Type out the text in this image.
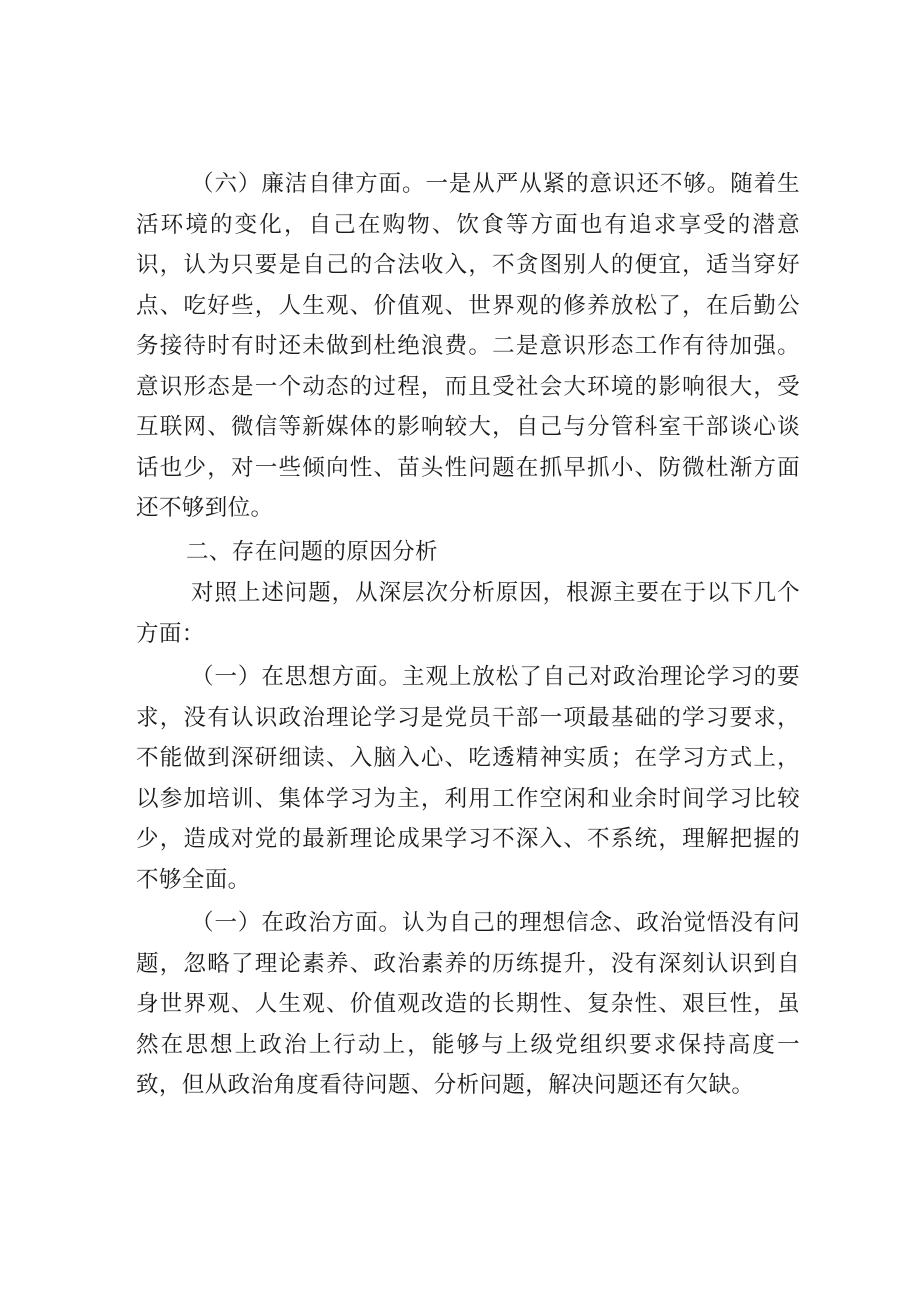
（六）廉洁自律方面。一是从严从紧的意识还不够。随着生活环境的变化，自己在购物、饮食等方面也有追求享受的潜意识，认为只要是自己的合法收入，不贪图别人的便宜，适当穿好点、吃好些，人生观、价值观、世界观的修养放松了，在后勤公务接待时有时还未做到杜绝浪费。二是意识形态工作有待加强。意识形态是一个动态的过程，而且受社会大环境的影响很大，受互联网、微信等新媒体的影响较大，自己与分管科室干部谈心谈话也少，对一些倾向性、苗头性问题在抓早抓小、防微杜渐方面还不够到位。

二、存在问题的原因分析

对照上述问题，从深层次分析原因，根源主要在于以下几个方面：

（一）在思想方面。主观上放松了自己对政治理论学习的要求，没有认识政治理论学习是党员干部一项最基础的学习要求，不能做到深研细读、入脑入心、吃透精神实质；在学习方式上，以参加培训、集体学习为主，利用工作空闲和业余时间学习比较少，造成对党的最新理论成果学习不深入、不系统，理解把握的不够全面。

（一）在政治方面。认为自己的理想信念、政治觉悟没有问题，忽略了理论素养、政治素养的历练提升，没有深刻认识到自身世界观、人生观、价值观改造的长期性、复杂性、艰巨性，虽然在思想上政治上行动上，能够与上级党组织要求保持高度一致，但从政治角度看待问题、分析问题，解决问题还有欠缺。
